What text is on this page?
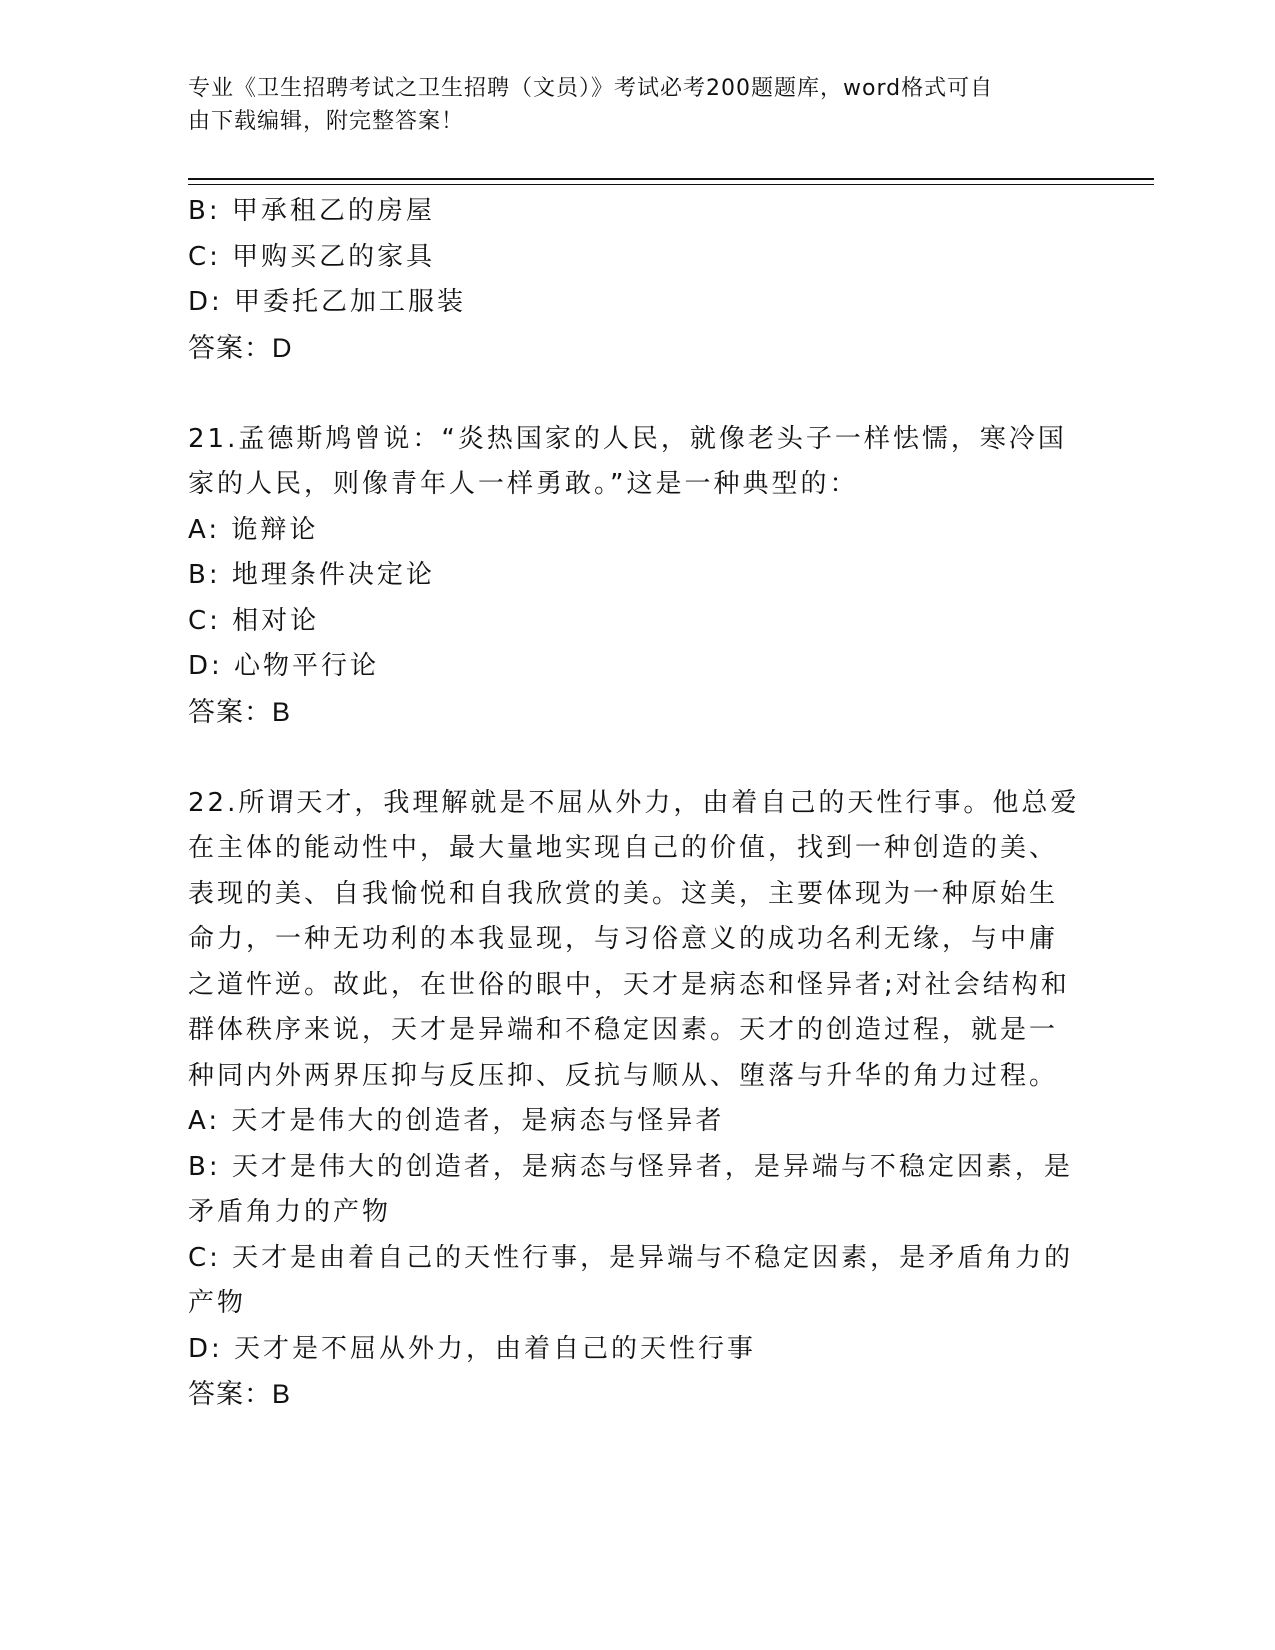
专业《卫生招聘考试之卫生招聘（文员）》考试必考200题题库，word格式可自
由下载编辑，附完整答案！
B: 甲承租乙的房屋
C: 甲购买乙的家具
D: 甲委托乙加工服装
答案：D
21.孟德斯鸠曾说：“炎热国家的人民，就像老头子一样怯懦，寒冷国
家的人民，则像青年人一样勇敢。”这是一种典型的：
A: 诡辩论
B: 地理条件决定论
C: 相对论
D: 心物平行论
答案：B
22.所谓天才，我理解就是不屈从外力，由着自己的天性行事。他总爱
在主体的能动性中，最大量地实现自己的价值，找到一种创造的美、
表现的美、自我愉悦和自我欣赏的美。这美，主要体现为一种原始生
命力，一种无功利的本我显现，与习俗意义的成功名利无缘，与中庸
之道忤逆。故此，在世俗的眼中，天才是病态和怪异者;对社会结构和
群体秩序来说，天才是异端和不稳定因素。天才的创造过程，就是一
种同内外两界压抑与反压抑、反抗与顺从、堕落与升华的角力过程。
A: 天才是伟大的创造者，是病态与怪异者
B: 天才是伟大的创造者，是病态与怪异者，是异端与不稳定因素，是
矛盾角力的产物
C: 天才是由着自己的天性行事，是异端与不稳定因素，是矛盾角力的
产物
D: 天才是不屈从外力，由着自己的天性行事
答案：B
